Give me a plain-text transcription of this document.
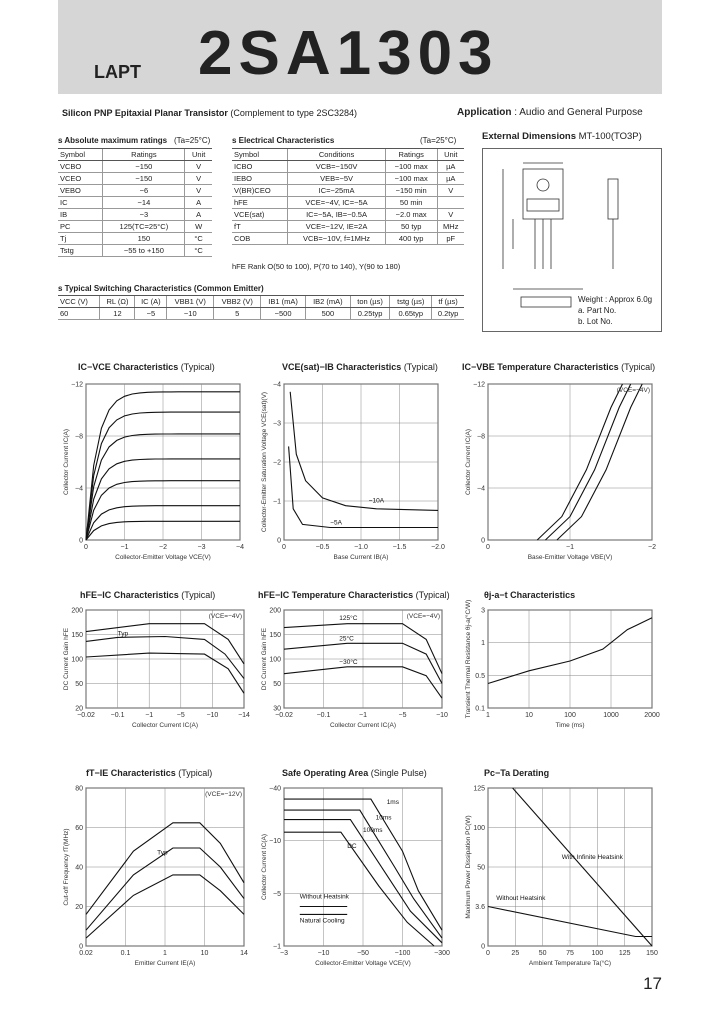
LAPT 2SA1303
Silicon PNP Epitaxial Planar Transistor (Complement to type 2SC3284)	Application : Audio and General Purpose
s Absolute maximum ratings (Ta=25°C)
Symbol	Ratings	Unit
VCBO	−150	V
VCEO	−150	V
VEBO	−6	V
IC	−14	A
IB	−3	A
PC	125(TC=25°C)	W
Tj	150	°C
Tstg	−55 to +150	°C
s Electrical Characteristics	(Ta=25°C)
Symbol	Conditions	Ratings	Unit
ICBO	VCB=−150V	−100 max	µA
IEBO	VEB=−5V	−100 max	µA
V(BR)CEO	IC=−25mA	−150 min	V
hFE	VCE=−4V, IC=−5A	50 min	
VCE(sat)	IC=−5A, IB=−0.5A	−2.0 max	V
fT	VCE=−12V, IE=2A	50 typ	MHz
COB	VCB=−10V, f=1MHz	400 typ	pF
hFE Rank O(50 to 100), P(70 to 140), Y(90 to 180)
s Typical Switching Characteristics (Common Emitter)
VCC (V)	RL (Ω)	IC (A)	VBB1 (V)	VBB2 (V)	IB1 (mA)	IB2 (mA)	ton (µs)	tstg (µs)	tf (µs)
60	12	−5	−10	5	−500	500	0.25typ	0.65typ	0.2typ
External Dimensions MT-100(TO3P)
Weight : Approx 6.0g
a. Part No.
b. Lot No.
IC−VCE Characteristics (Typical)	VCE(sat)−IB Characteristics (Typical)	IC−VBE Temperature Characteristics (Typical)
hFE−IC Characteristics (Typical)	hFE−IC Temperature Characteristics (Typical)	θj-a−t Characteristics
fT−IE Characteristics (Typical)	Safe Operating Area (Single Pulse)	Pc−Ta Derating
0	−1	−2	−3	−4
0
−4
−8
−12
Collector-Emitter Voltage VCE(V)
Collector Current IC(A)
0	−0.5	−1.0	−1.5	−2.0
0
−1
−2
−3
−4
Base Current IB(A)
Collector-Emitter Saturation Voltage VCE(sat)(V)	−10A
−5A
0	−1	−2
0
−4
−8
−12
Base-Emitter Voltage VBE(V)
Collector Current IC(A)
(VCE=−4V)
−0.02 −0.1	−1	−5	−10	−14
20
50
100
150
200
Collector Current IC(A)
DC Current Gain hFE
(VCE=−4V)
Typ
−0.02	−0.1	−1	−5	−10
30
50
100
150
200
Collector Current IC(A)
DC Current Gain hFE
(VCE=−4V)
125°C
25°C
−30°C
1	10	100	1000	2000
0.1
0.5
1
3
Time (ms)
Transient Thermal Resistance θj-a(°C/W)
0.02	0.1	1	10	14
0
20
40
60
80
Emitter Current IE(A)
Cut-off Frequency fT(MHz)
(VCE=−12V)
Typ
−3	−10	−50	−100	−300
−1
−5
−10
−40
Collector-Emitter Voltage VCE(V)
Collector Current IC(A)
1ms
10ms
100ms
DC
Without Heatsink
Natural Cooling
0	25	50	75	100 125 150
0
3.6
50
100
125
Ambient Temperature Ta(°C)
Maximum Power Dissipation PC(W)	With Infinite Heatsink
Without Heatsink
17
